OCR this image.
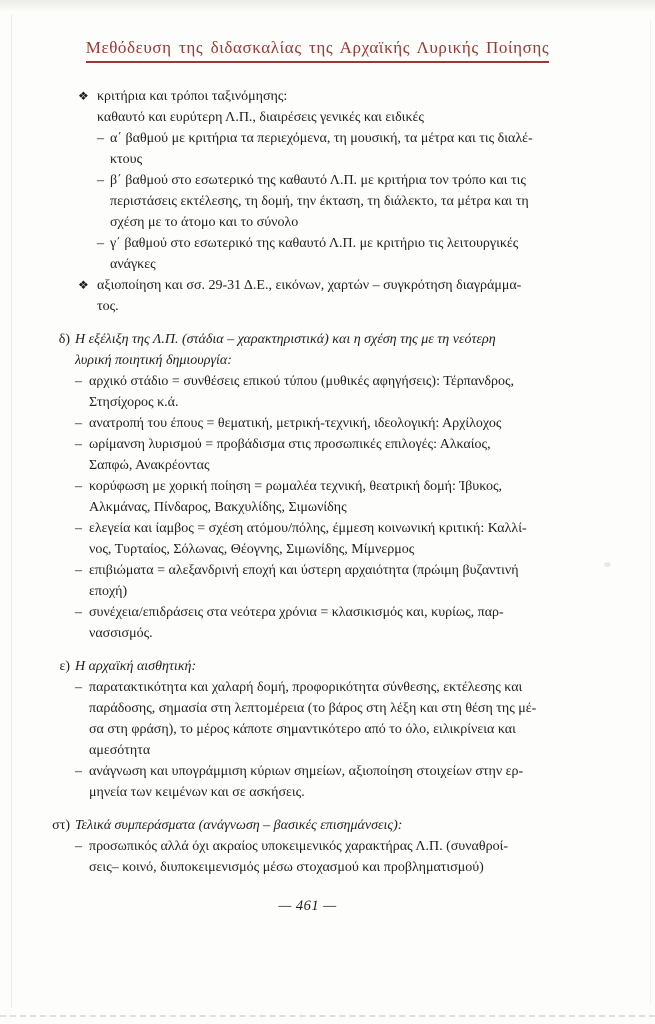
Μεθόδευση της διδασκαλίας της Αρχαϊκής Λυρικής Ποίησης
❖ κριτήρια και τρόποι ταξινόμησης:
καθαυτό και ευρύτερη Λ.Π., διαιρέσεις γενικές και ειδικές
– α΄ βαθμού με κριτήρια τα περιεχόμενα, τη μουσική, τα μέτρα και τις διαλέ-
κτους
– β΄ βαθμού στο εσωτερικό της καθαυτό Λ.Π. με κριτήρια τον τρόπο και τις
περιστάσεις εκτέλεσης, τη δομή, την έκταση, τη διάλεκτο, τα μέτρα και τη
σχέση με το άτομο και το σύνολο
– γ΄ βαθμού στο εσωτερικό της καθαυτό Λ.Π. με κριτήριο τις λειτουργικές
ανάγκες
❖ αξιοποίηση και σσ. 29-31 Δ.Ε., εικόνων, χαρτών – συγκρότηση διαγράμμα-
τος.
δ) Η εξέλιξη της Λ.Π. (στάδια – χαρακτηριστικά) και η σχέση της με τη νεότερη
λυρική ποιητική δημιουργία:
– αρχικό στάδιο = συνθέσεις επικού τύπου (μυθικές αφηγήσεις): Τέρπανδρος,
Στησίχορος κ.ά.
– ανατροπή του έπους = θεματική, μετρική-τεχνική, ιδεολογική: Αρχίλοχος
– ωρίμανση λυρισμού = προβάδισμα στις προσωπικές επιλογές: Αλκαίος,
Σαπφώ, Ανακρέοντας
– κορύφωση με χορική ποίηση = ρωμαλέα τεχνική, θεατρική δομή: Ίβυκος,
Αλκμάνας, Πίνδαρος, Βακχυλίδης, Σιμωνίδης
– ελεγεία και ίαμβος = σχέση ατόμου/πόλης, έμμεση κοινωνική κριτική: Καλλί-
νος, Τυρταίος, Σόλωνας, Θέογνης, Σιμωνίδης, Μίμνερμος
– επιβιώματα = αλεξανδρινή εποχή και ύστερη αρχαιότητα (πρώιμη βυζαντινή
εποχή)
– συνέχεια/επιδράσεις στα νεότερα χρόνια = κλασικισμός και, κυρίως, παρ-
νασσισμός.
ε) Η αρχαϊκή αισθητική:
– παρατακτικότητα και χαλαρή δομή, προφορικότητα σύνθεσης, εκτέλεσης και
παράδοσης, σημασία στη λεπτομέρεια (το βάρος στη λέξη και στη θέση της μέ-
σα στη φράση), το μέρος κάποτε σημαντικότερο από το όλο, ειλικρίνεια και
αμεσότητα
– ανάγνωση και υπογράμμιση κύριων σημείων, αξιοποίηση στοιχείων στην ερ-
μηνεία των κειμένων και σε ασκήσεις.
στ) Τελικά συμπεράσματα (ανάγνωση – βασικές επισημάνσεις):
– προσωπικός αλλά όχι ακραίος υποκειμενικός χαρακτήρας Λ.Π. (συναθροί-
σεις– κοινό, διυποκειμενισμός μέσω στοχασμού και προβληματισμού)
— 461 —
